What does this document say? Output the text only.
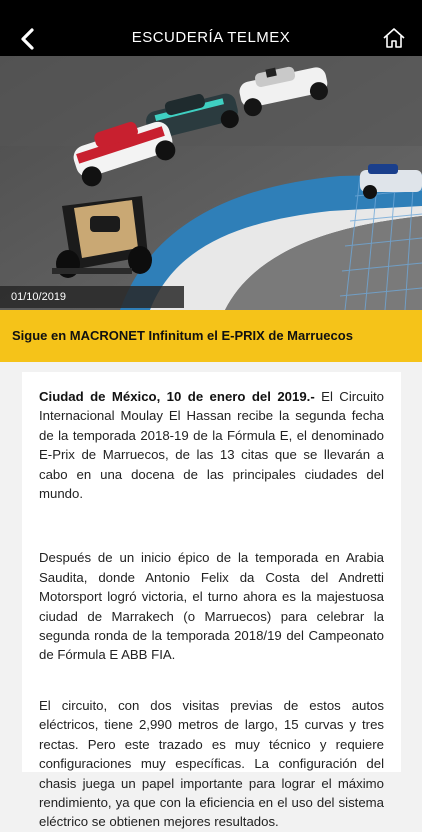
ESCUDERÍA TELMEX
01/10/2019
Sigue en MACRONET Infinitum el E-PRIX de Marruecos

Ciudad de México, 10 de enero del 2019.- El Circuito Internacional Moulay El Hassan recibe la segunda fecha de la temporada 2018-19 de la Fórmula E, el denominado E-Prix de Marruecos, de las 13 citas que se llevarán a cabo en una docena de las principales ciudades del mundo.

Después de un inicio épico de la temporada en Arabia Saudita, donde Antonio Felix da Costa del Andretti Motorsport logró victoria, el turno ahora es la majestuosa ciudad de Marrakech (o Marruecos) para celebrar la segunda ronda de la temporada 2018/19 del Campeonato de Fórmula E ABB FIA.

El circuito, con dos visitas previas de estos autos eléctricos, tiene 2,990 metros de largo, 15 curvas y tres rectas. Pero este trazado es muy técnico y requiere configuraciones muy específicas. La configuración del chasis juega un papel importante para lograr el máximo rendimiento, ya que con la eficiencia en el uso del sistema eléctrico se obtienen mejores resultados.
